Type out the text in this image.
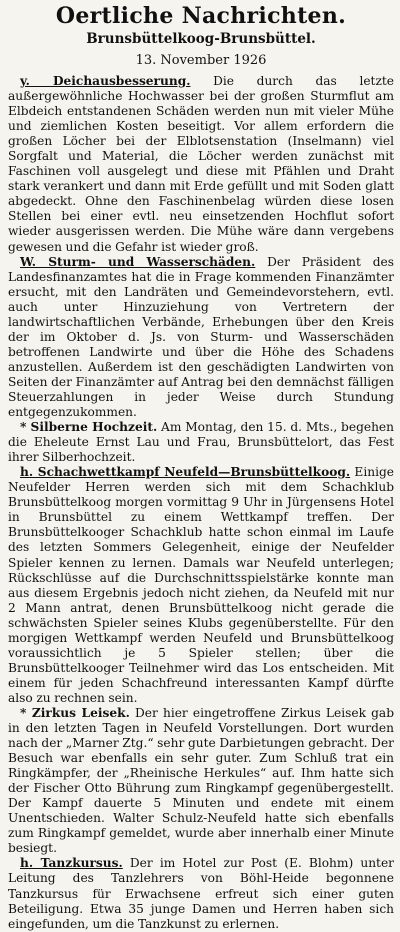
Oertliche Nachrichten.
Brunsbüttelkoog-Brunsbüttel.
13. November 1926

y. Deichausbesserung. Die durch das letzte außergewöhnliche Hochwasser bei der großen Sturmflut am Elbdeich entstandenen Schäden werden nun mit vieler Mühe und ziemlichen Kosten beseitigt. Vor allem erfordern die großen Löcher bei der Elblotsenstation (Inselmann) viel Sorgfalt und Material, die Löcher werden zunächst mit Faschinen voll ausgelegt und diese mit Pfählen und Draht stark verankert und dann mit Erde gefüllt und mit Soden glatt abgedeckt. Ohne den Faschinenbelag würden diese losen Stellen bei einer evtl. neu einsetzenden Hochflut sofort wieder ausgerissen werden. Die Mühe wäre dann vergebens gewesen und die Gefahr ist wieder groß.

W. Sturm- und Wasserschäden. Der Präsident des Landesfinanzamtes hat die in Frage kommenden Finanzämter ersucht, mit den Landräten und Gemeindevorstehern, evtl. auch unter Hinzuziehung von Vertretern der landwirtschaftlichen Verbände, Erhebungen über den Kreis der im Oktober d. Js. von Sturm- und Wasserschäden betroffenen Landwirte und über die Höhe des Schadens anzustellen. Außerdem ist den geschädigten Landwirten von Seiten der Finanzämter auf Antrag bei den demnächst fälligen Steuerzahlungen in jeder Weise durch Stundung entgegenzukommen.

* Silberne Hochzeit. Am Montag, den 15. d. Mts., begehen die Eheleute Ernst Lau und Frau, Brunsbüttelort, das Fest ihrer Silberhochzeit.

h. Schachwettkampf Neufeld—Brunsbüttelkoog. Einige Neufelder Herren werden sich mit dem Schachklub Brunsbüttelkoog morgen vormittag 9 Uhr in Jürgensens Hotel in Brunsbüttel zu einem Wettkampf treffen. Der Brunsbüttelkooger Schachklub hatte schon einmal im Laufe des letzten Sommers Gelegenheit, einige der Neufelder Spieler kennen zu lernen. Damals war Neufeld unterlegen; Rückschlüsse auf die Durchschnittsspielstärke konnte man aus diesem Ergebnis jedoch nicht ziehen, da Neufeld mit nur 2 Mann antrat, denen Brunsbüttelkoog nicht gerade die schwächsten Spieler seines Klubs gegenüberstellte. Für den morgigen Wettkampf werden Neufeld und Brunsbüttelkoog voraussichtlich je 5 Spieler stellen; über die Brunsbüttelkooger Teilnehmer wird das Los entscheiden. Mit einem für jeden Schachfreund interessanten Kampf dürfte also zu rechnen sein.

* Zirkus Leisek. Der hier eingetroffene Zirkus Leisek gab in den letzten Tagen in Neufeld Vorstellungen. Dort wurden nach der „Marner Ztg.“ sehr gute Darbietungen gebracht. Der Besuch war ebenfalls ein sehr guter. Zum Schluß trat ein Ringkämpfer, der „Rheinische Herkules“ auf. Ihm hatte sich der Fischer Otto Bührung zum Ringkampf gegenübergestellt. Der Kampf dauerte 5 Minuten und endete mit einem Unentschieden. Walter Schulz-Neufeld hatte sich ebenfalls zum Ringkampf gemeldet, wurde aber innerhalb einer Minute besiegt.

h. Tanzkursus. Der im Hotel zur Post (E. Blohm) unter Leitung des Tanzlehrers von Böhl-Heide begonnene Tanzkursus für Erwachsene erfreut sich einer guten Beteiligung. Etwa 35 junge Damen und Herren haben sich eingefunden, um die Tanzkunst zu erlernen.
